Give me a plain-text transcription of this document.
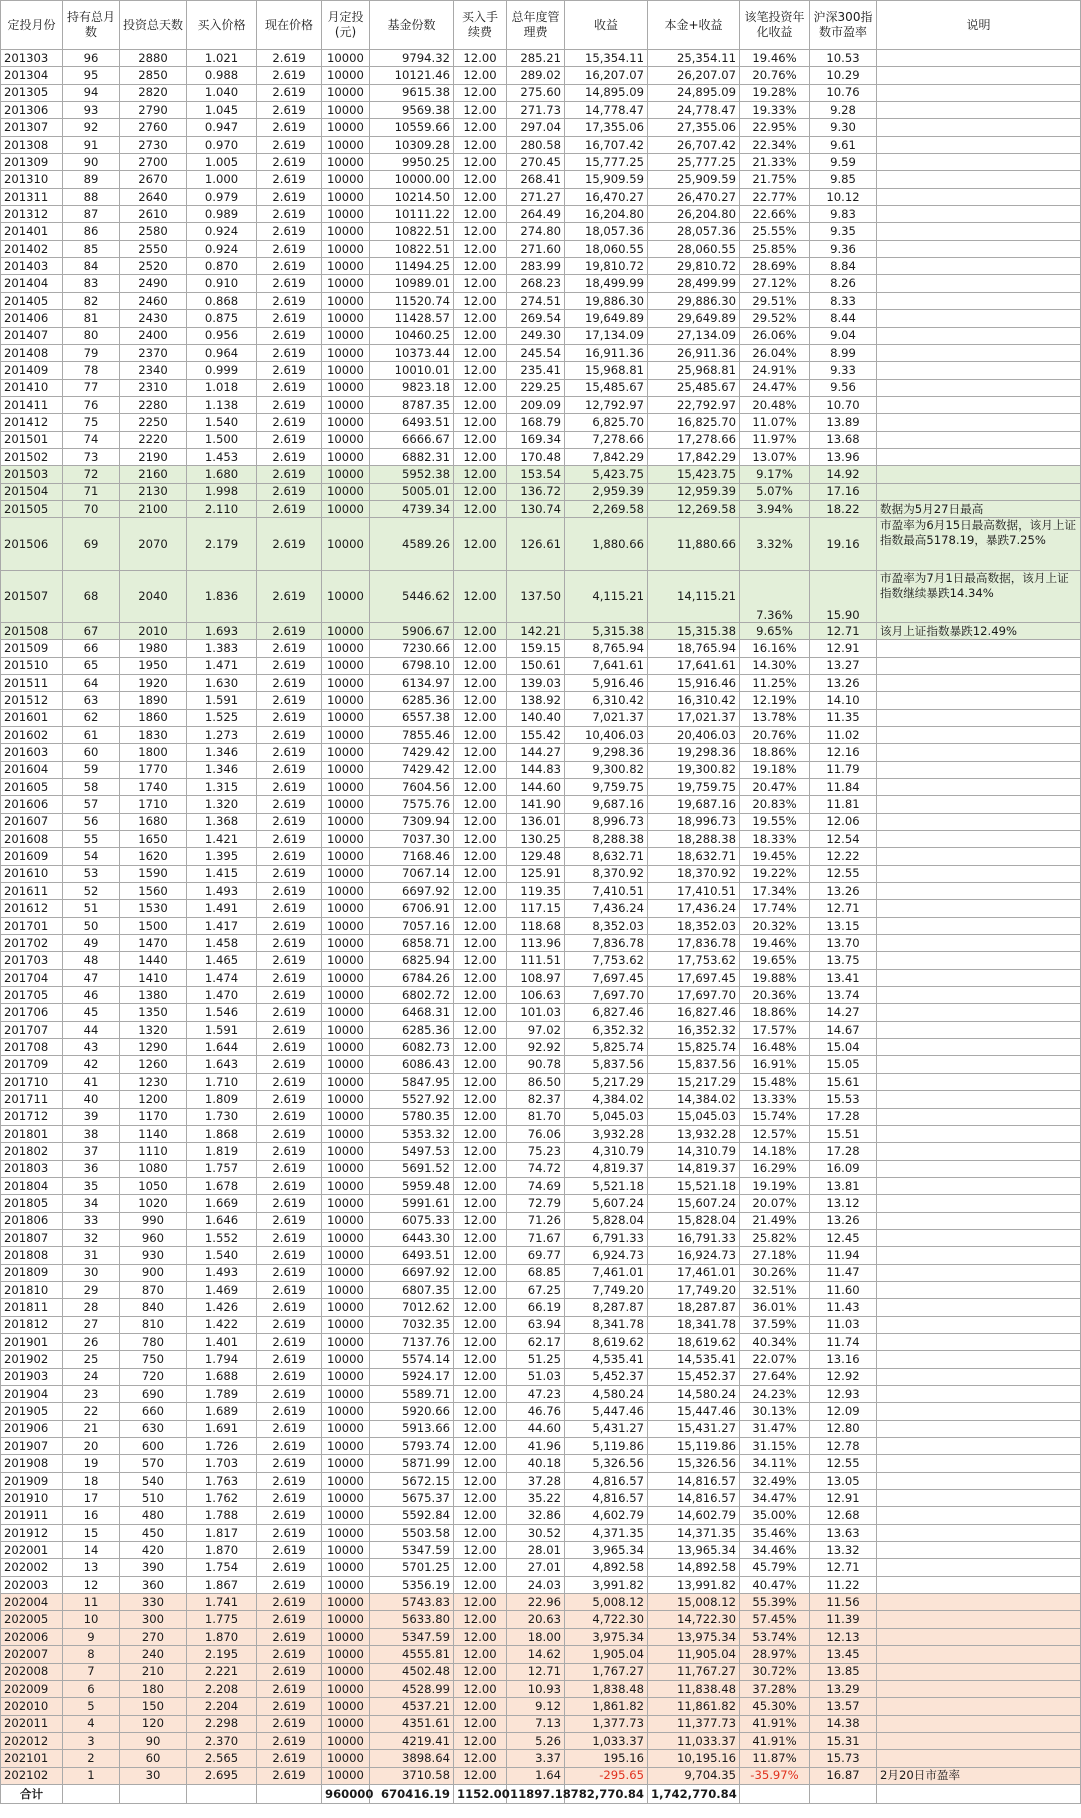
定投月份	持有总月数	投资总天数	买入价格	现在价格	月定投(元)	基金份数	买入手续费	总年度管理费	收益	本金+收益	该笔投资年化收益	沪深300指数市盈率	说明
201303	96	2880	1.021	2.619	10000	9794.32	12.00	285.21	15,354.11	25,354.11	19.46%	10.53	
201304	95	2850	0.988	2.619	10000	10121.46	12.00	289.02	16,207.07	26,207.07	20.76%	10.29	
201305	94	2820	1.040	2.619	10000	9615.38	12.00	275.60	14,895.09	24,895.09	19.28%	10.76	
201306	93	2790	1.045	2.619	10000	9569.38	12.00	271.73	14,778.47	24,778.47	19.33%	9.28	
201307	92	2760	0.947	2.619	10000	10559.66	12.00	297.04	17,355.06	27,355.06	22.95%	9.30	
201308	91	2730	0.970	2.619	10000	10309.28	12.00	280.58	16,707.42	26,707.42	22.34%	9.61	
201309	90	2700	1.005	2.619	10000	9950.25	12.00	270.45	15,777.25	25,777.25	21.33%	9.59	
201310	89	2670	1.000	2.619	10000	10000.00	12.00	268.41	15,909.59	25,909.59	21.75%	9.85	
201311	88	2640	0.979	2.619	10000	10214.50	12.00	271.27	16,470.27	26,470.27	22.77%	10.12	
201312	87	2610	0.989	2.619	10000	10111.22	12.00	264.49	16,204.80	26,204.80	22.66%	9.83	
201401	86	2580	0.924	2.619	10000	10822.51	12.00	274.80	18,057.36	28,057.36	25.55%	9.35	
201402	85	2550	0.924	2.619	10000	10822.51	12.00	271.60	18,060.55	28,060.55	25.85%	9.36	
201403	84	2520	0.870	2.619	10000	11494.25	12.00	283.99	19,810.72	29,810.72	28.69%	8.84	
201404	83	2490	0.910	2.619	10000	10989.01	12.00	268.23	18,499.99	28,499.99	27.12%	8.26	
201405	82	2460	0.868	2.619	10000	11520.74	12.00	274.51	19,886.30	29,886.30	29.51%	8.33	
201406	81	2430	0.875	2.619	10000	11428.57	12.00	269.54	19,649.89	29,649.89	29.52%	8.44	
201407	80	2400	0.956	2.619	10000	10460.25	12.00	249.30	17,134.09	27,134.09	26.06%	9.04	
201408	79	2370	0.964	2.619	10000	10373.44	12.00	245.54	16,911.36	26,911.36	26.04%	8.99	
201409	78	2340	0.999	2.619	10000	10010.01	12.00	235.41	15,968.81	25,968.81	24.91%	9.33	
201410	77	2310	1.018	2.619	10000	9823.18	12.00	229.25	15,485.67	25,485.67	24.47%	9.56	
201411	76	2280	1.138	2.619	10000	8787.35	12.00	209.09	12,792.97	22,792.97	20.48%	10.70	
201412	75	2250	1.540	2.619	10000	6493.51	12.00	168.79	6,825.70	16,825.70	11.07%	13.89	
201501	74	2220	1.500	2.619	10000	6666.67	12.00	169.34	7,278.66	17,278.66	11.97%	13.68	
201502	73	2190	1.453	2.619	10000	6882.31	12.00	170.48	7,842.29	17,842.29	13.07%	13.96	
201503	72	2160	1.680	2.619	10000	5952.38	12.00	153.54	5,423.75	15,423.75	9.17%	14.92	
201504	71	2130	1.998	2.619	10000	5005.01	12.00	136.72	2,959.39	12,959.39	5.07%	17.16	
201505	70	2100	2.110	2.619	10000	4739.34	12.00	130.74	2,269.58	12,269.58	3.94%	18.22	数据为5月27日最高
201506	69	2070	2.179	2.619	10000	4589.26	12.00	126.61	1,880.66	11,880.66	3.32%	19.16	市盈率为6月15日最高数据，该月上证指数最高5178.19，暴跌7.25%
201507	68	2040	1.836	2.619	10000	5446.62	12.00	137.50	4,115.21	14,115.21	7.36%	15.90	市盈率为7月1日最高数据，该月上证指数继续暴跌14.34%
201508	67	2010	1.693	2.619	10000	5906.67	12.00	142.21	5,315.38	15,315.38	9.65%	12.71	该月上证指数暴跌12.49%
201509	66	1980	1.383	2.619	10000	7230.66	12.00	159.15	8,765.94	18,765.94	16.16%	12.91	
201510	65	1950	1.471	2.619	10000	6798.10	12.00	150.61	7,641.61	17,641.61	14.30%	13.27	
201511	64	1920	1.630	2.619	10000	6134.97	12.00	139.03	5,916.46	15,916.46	11.25%	13.26	
201512	63	1890	1.591	2.619	10000	6285.36	12.00	138.92	6,310.42	16,310.42	12.19%	14.10	
201601	62	1860	1.525	2.619	10000	6557.38	12.00	140.40	7,021.37	17,021.37	13.78%	11.35	
201602	61	1830	1.273	2.619	10000	7855.46	12.00	155.42	10,406.03	20,406.03	20.76%	11.02	
201603	60	1800	1.346	2.619	10000	7429.42	12.00	144.27	9,298.36	19,298.36	18.86%	12.16	
201604	59	1770	1.346	2.619	10000	7429.42	12.00	144.83	9,300.82	19,300.82	19.18%	11.79	
201605	58	1740	1.315	2.619	10000	7604.56	12.00	144.60	9,759.75	19,759.75	20.47%	11.84	
201606	57	1710	1.320	2.619	10000	7575.76	12.00	141.90	9,687.16	19,687.16	20.83%	11.81	
201607	56	1680	1.368	2.619	10000	7309.94	12.00	136.01	8,996.73	18,996.73	19.55%	12.06	
201608	55	1650	1.421	2.619	10000	7037.30	12.00	130.25	8,288.38	18,288.38	18.33%	12.54	
201609	54	1620	1.395	2.619	10000	7168.46	12.00	129.48	8,632.71	18,632.71	19.45%	12.22	
201610	53	1590	1.415	2.619	10000	7067.14	12.00	125.91	8,370.92	18,370.92	19.22%	12.55	
201611	52	1560	1.493	2.619	10000	6697.92	12.00	119.35	7,410.51	17,410.51	17.34%	13.26	
201612	51	1530	1.491	2.619	10000	6706.91	12.00	117.15	7,436.24	17,436.24	17.74%	12.71	
201701	50	1500	1.417	2.619	10000	7057.16	12.00	118.68	8,352.03	18,352.03	20.32%	13.15	
201702	49	1470	1.458	2.619	10000	6858.71	12.00	113.96	7,836.78	17,836.78	19.46%	13.70	
201703	48	1440	1.465	2.619	10000	6825.94	12.00	111.51	7,753.62	17,753.62	19.65%	13.75	
201704	47	1410	1.474	2.619	10000	6784.26	12.00	108.97	7,697.45	17,697.45	19.88%	13.41	
201705	46	1380	1.470	2.619	10000	6802.72	12.00	106.63	7,697.70	17,697.70	20.36%	13.74	
201706	45	1350	1.546	2.619	10000	6468.31	12.00	101.03	6,827.46	16,827.46	18.86%	14.27	
201707	44	1320	1.591	2.619	10000	6285.36	12.00	97.02	6,352.32	16,352.32	17.57%	14.67	
201708	43	1290	1.644	2.619	10000	6082.73	12.00	92.92	5,825.74	15,825.74	16.48%	15.04	
201709	42	1260	1.643	2.619	10000	6086.43	12.00	90.78	5,837.56	15,837.56	16.91%	15.05	
201710	41	1230	1.710	2.619	10000	5847.95	12.00	86.50	5,217.29	15,217.29	15.48%	15.61	
201711	40	1200	1.809	2.619	10000	5527.92	12.00	82.37	4,384.02	14,384.02	13.33%	15.53	
201712	39	1170	1.730	2.619	10000	5780.35	12.00	81.70	5,045.03	15,045.03	15.74%	17.28	
201801	38	1140	1.868	2.619	10000	5353.32	12.00	76.06	3,932.28	13,932.28	12.57%	15.51	
201802	37	1110	1.819	2.619	10000	5497.53	12.00	75.23	4,310.79	14,310.79	14.18%	17.28	
201803	36	1080	1.757	2.619	10000	5691.52	12.00	74.72	4,819.37	14,819.37	16.29%	16.09	
201804	35	1050	1.678	2.619	10000	5959.48	12.00	74.69	5,521.18	15,521.18	19.19%	13.81	
201805	34	1020	1.669	2.619	10000	5991.61	12.00	72.79	5,607.24	15,607.24	20.07%	13.12	
201806	33	990	1.646	2.619	10000	6075.33	12.00	71.26	5,828.04	15,828.04	21.49%	13.26	
201807	32	960	1.552	2.619	10000	6443.30	12.00	71.67	6,791.33	16,791.33	25.82%	12.45	
201808	31	930	1.540	2.619	10000	6493.51	12.00	69.77	6,924.73	16,924.73	27.18%	11.94	
201809	30	900	1.493	2.619	10000	6697.92	12.00	68.85	7,461.01	17,461.01	30.26%	11.47	
201810	29	870	1.469	2.619	10000	6807.35	12.00	67.25	7,749.20	17,749.20	32.51%	11.60	
201811	28	840	1.426	2.619	10000	7012.62	12.00	66.19	8,287.87	18,287.87	36.01%	11.43	
201812	27	810	1.422	2.619	10000	7032.35	12.00	63.94	8,341.78	18,341.78	37.59%	11.03	
201901	26	780	1.401	2.619	10000	7137.76	12.00	62.17	8,619.62	18,619.62	40.34%	11.74	
201902	25	750	1.794	2.619	10000	5574.14	12.00	51.25	4,535.41	14,535.41	22.07%	13.16	
201903	24	720	1.688	2.619	10000	5924.17	12.00	51.03	5,452.37	15,452.37	27.64%	12.92	
201904	23	690	1.789	2.619	10000	5589.71	12.00	47.23	4,580.24	14,580.24	24.23%	12.93	
201905	22	660	1.689	2.619	10000	5920.66	12.00	46.76	5,447.46	15,447.46	30.13%	12.09	
201906	21	630	1.691	2.619	10000	5913.66	12.00	44.60	5,431.27	15,431.27	31.47%	12.80	
201907	20	600	1.726	2.619	10000	5793.74	12.00	41.96	5,119.86	15,119.86	31.15%	12.78	
201908	19	570	1.703	2.619	10000	5871.99	12.00	40.18	5,326.56	15,326.56	34.11%	12.55	
201909	18	540	1.763	2.619	10000	5672.15	12.00	37.28	4,816.57	14,816.57	32.49%	13.05	
201910	17	510	1.762	2.619	10000	5675.37	12.00	35.22	4,816.57	14,816.57	34.47%	12.91	
201911	16	480	1.788	2.619	10000	5592.84	12.00	32.86	4,602.79	14,602.79	35.00%	12.68	
201912	15	450	1.817	2.619	10000	5503.58	12.00	30.52	4,371.35	14,371.35	35.46%	13.63	
202001	14	420	1.870	2.619	10000	5347.59	12.00	28.01	3,965.34	13,965.34	34.46%	13.32	
202002	13	390	1.754	2.619	10000	5701.25	12.00	27.01	4,892.58	14,892.58	45.79%	12.71	
202003	12	360	1.867	2.619	10000	5356.19	12.00	24.03	3,991.82	13,991.82	40.47%	11.22	
202004	11	330	1.741	2.619	10000	5743.83	12.00	22.96	5,008.12	15,008.12	55.39%	11.56	
202005	10	300	1.775	2.619	10000	5633.80	12.00	20.63	4,722.30	14,722.30	57.45%	11.39	
202006	9	270	1.870	2.619	10000	5347.59	12.00	18.00	3,975.34	13,975.34	53.74%	12.13	
202007	8	240	2.195	2.619	10000	4555.81	12.00	14.62	1,905.04	11,905.04	28.97%	13.45	
202008	7	210	2.221	2.619	10000	4502.48	12.00	12.71	1,767.27	11,767.27	30.72%	13.85	
202009	6	180	2.208	2.619	10000	4528.99	12.00	10.93	1,838.48	11,838.48	37.28%	13.29	
202010	5	150	2.204	2.619	10000	4537.21	12.00	9.12	1,861.82	11,861.82	45.30%	13.57	
202011	4	120	2.298	2.619	10000	4351.61	12.00	7.13	1,377.73	11,377.73	41.91%	14.38	
202012	3	90	2.370	2.619	10000	4219.41	12.00	5.26	1,033.37	11,033.37	41.91%	15.31	
202101	2	60	2.565	2.619	10000	3898.64	12.00	3.37	195.16	10,195.16	11.87%	15.73	
202102	1	30	2.695	2.619	10000	3710.58	12.00	1.64	-295.65	9,704.35	-35.97%	16.87	2月20日市盈率
合计					960000	670416.19	1152.00	11897.18	782,770.84	1,742,770.84			
